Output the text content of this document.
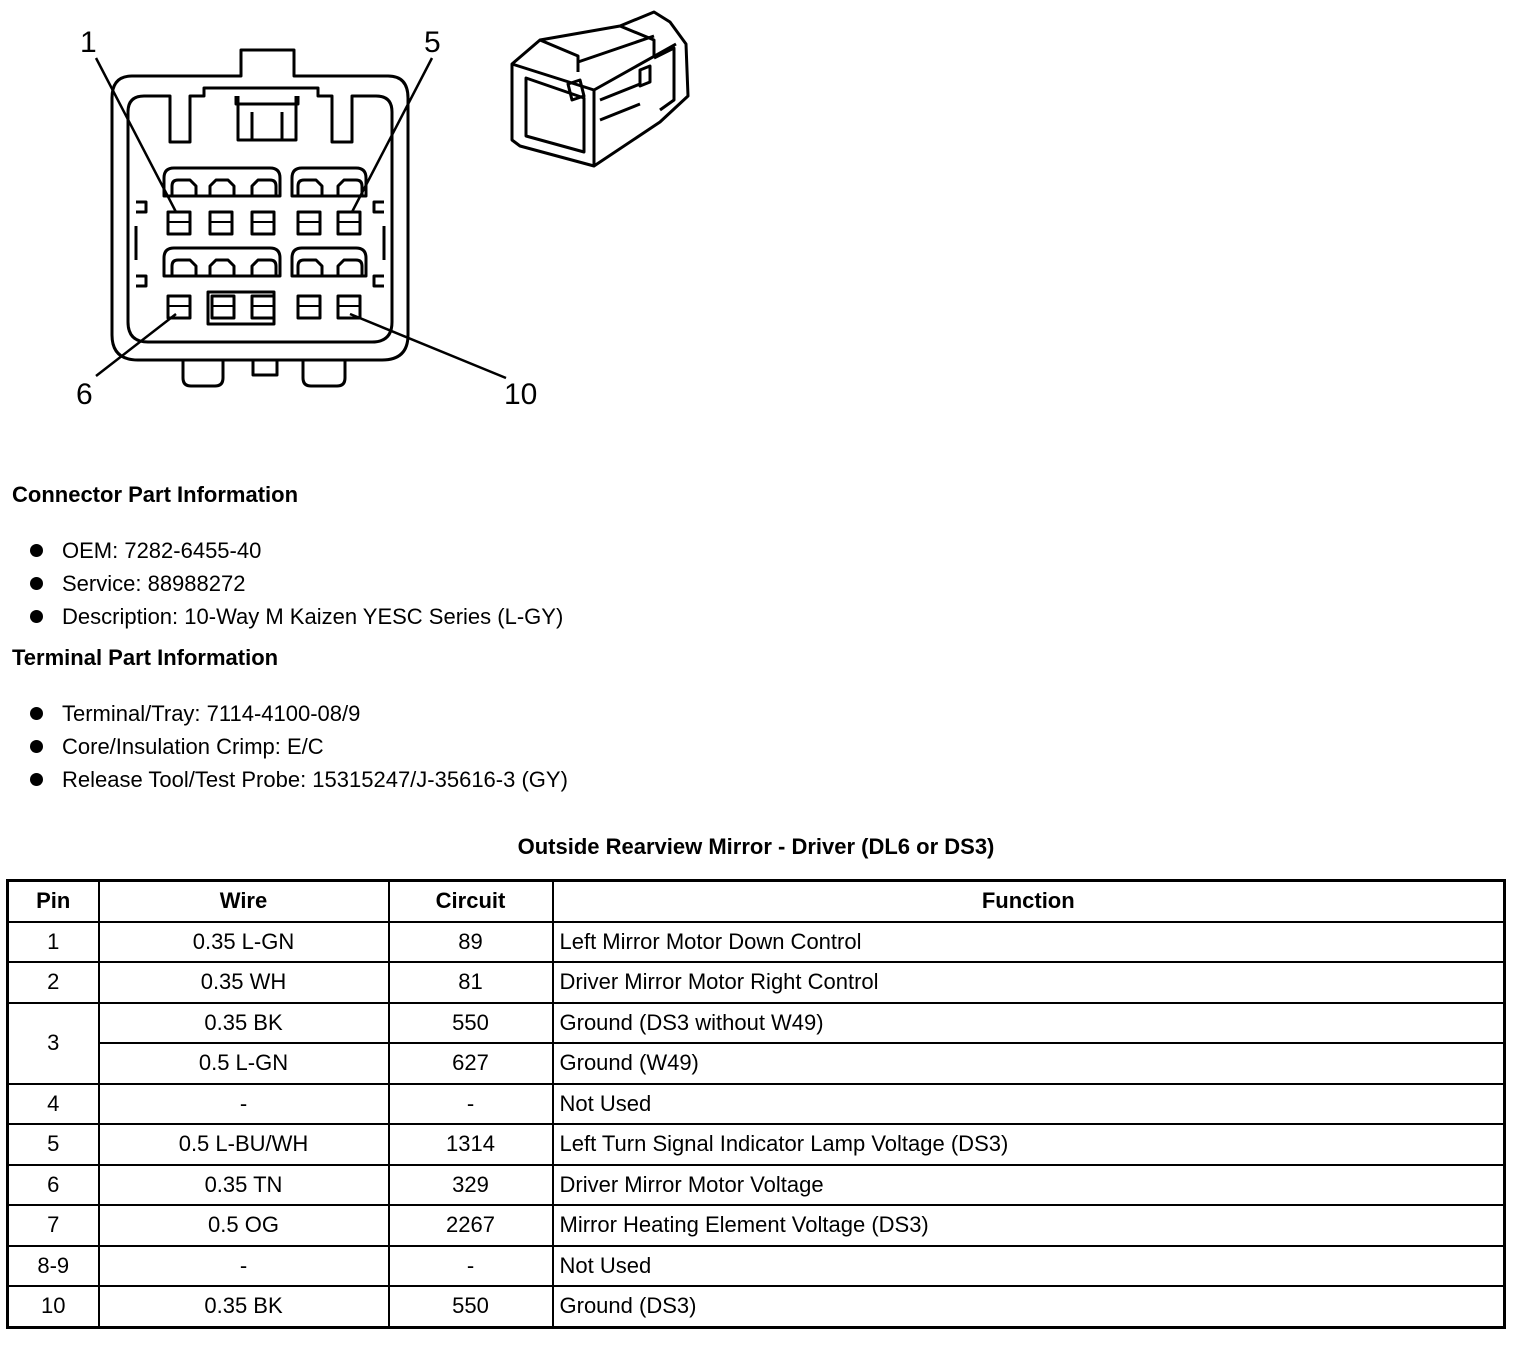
1	5
6	10
Connector Part Information
OEM: 7282-6455-40
Service: 88988272
Description: 10-Way M Kaizen YESC Series (L-GY)
Terminal Part Information
Terminal/Tray: 7114-4100-08/9
Core/Insulation Crimp: E/C
Release Tool/Test Probe: 15315247/J-35616-3 (GY)
Outside Rearview Mirror - Driver (DL6 or DS3)
Pin	Wire	Circuit	Function
1	0.35 L-GN	89	Left Mirror Motor Down Control
2	0.35 WH	81	Driver Mirror Motor Right Control
3	0.35 BK	550	Ground (DS3 without W49)
	0.5 L-GN	627	Ground (W49)
4	-	-	Not Used
5	0.5 L-BU/WH	1314	Left Turn Signal Indicator Lamp Voltage (DS3)
6	0.35 TN	329	Driver Mirror Motor Voltage
7	0.5 OG	2267	Mirror Heating Element Voltage (DS3)
8-9	-	-	Not Used
10	0.35 BK	550	Ground (DS3)
